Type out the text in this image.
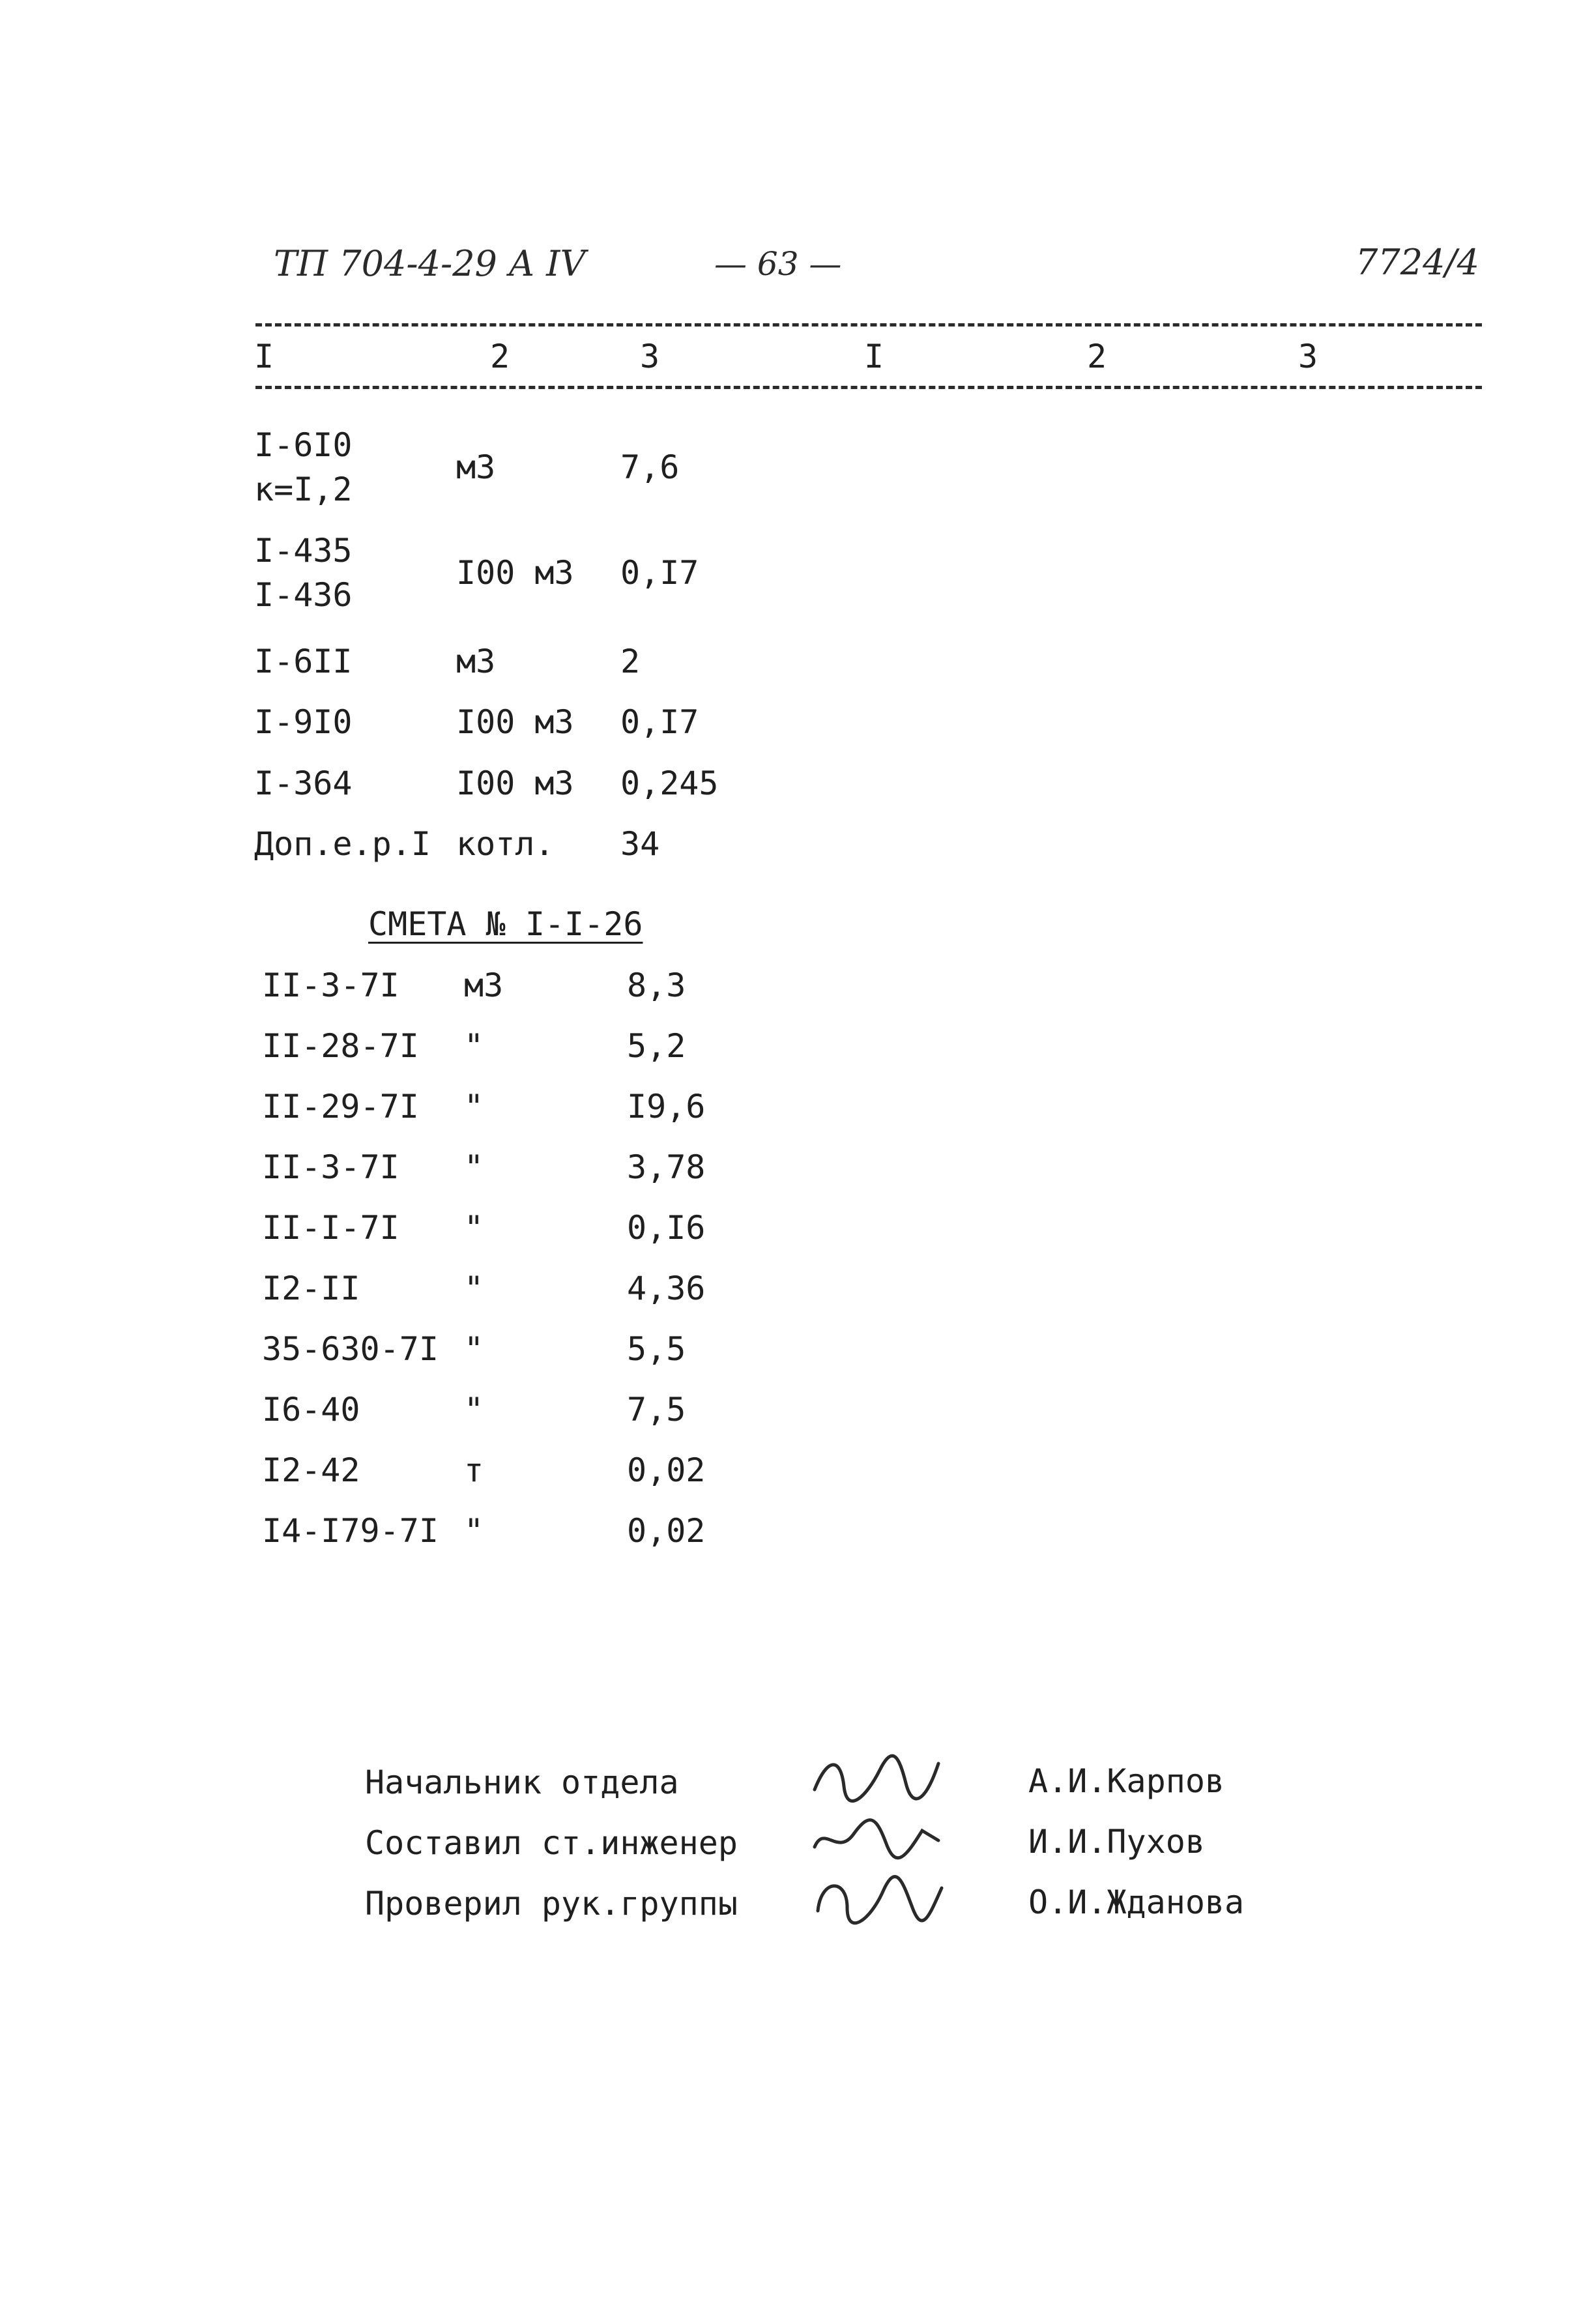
ТП 704-4-29 А IV	— 63 —	7724/4
I	2	3	I	2	3
I-6I0
к=I,2
м3	7,6
I-435
I-436
I00 м3 0,I7
I-6II	м3	2
I-9I0	I00 м3 0,I7
I-364	I00 м3 0,245
Доп.е.р.I котл. 34
СМЕТА № I-I-26
II-3-7I м3	8,3
II-28-7I "	5,2
II-29-7I "	I9,6
II-3-7I "	3,78
II-I-7I "	0,I6
I2-II	"	4,36
35-630-7I "	5,5
I6-40	"	7,5
I2-42	т	0,02
I4-I79-7I "	0,02
Начальник отдела	А.И.Карпов
Составил ст.инженер	И.И.Пухов
Проверил рук.группы	О.И.Жданова
